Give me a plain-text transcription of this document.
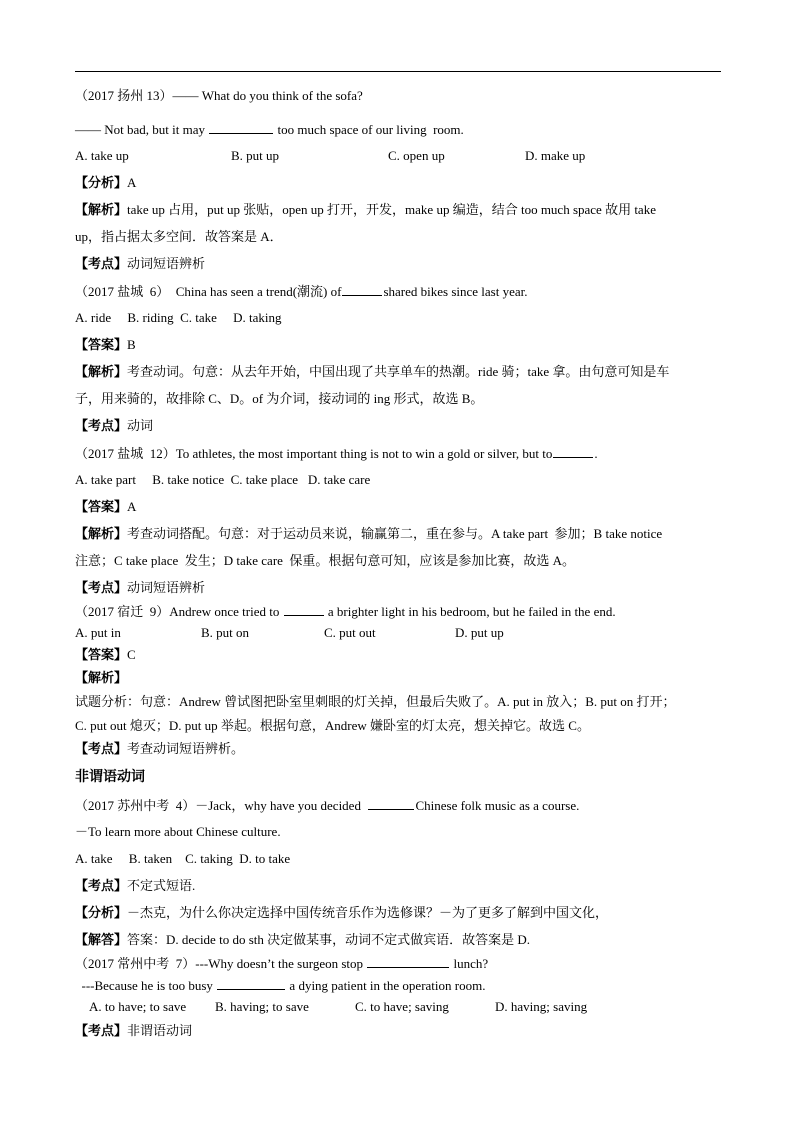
（2017 扬州 13）—— What do you think of the sofa?
—— Not bad, but it may	too much space of our living  room.
A. take up	B. put up	C. open up	D. make up
【分析】A
【解析】take up 占用，put up 张贴，open up 打开，开发，make up 编造，结合 too much space 故用 take
up，指占据太多空间．故答案是 A．
【考点】动词短语辨析
（2017 盐城  6）  China has seen a trend(潮流) of	shared bikes since last year.
A. ride     B. riding  C. take     D. taking
【答案】B
【解析】考查动词。句意：从去年开始，中国出现了共享单车的热潮。ride 骑；take 拿。由句意可知是车
子，用来骑的，故排除 C、D。of 为介词，接动词的 ing 形式，故选 B。
【考点】动词
（2017 盐城  12）To athletes, the most important thing is not to win a gold or silver, but to	.
A. take part     B. take notice  C. take place   D. take care
【答案】A
【解析】考查动词搭配。句意：对于运动员来说，输赢第二，重在参与。A take part  参加；B take notice
注意；C take place  发生；D take care  保重。根据句意可知，应该是参加比赛，故选 A。
【考点】动词短语辨析
（2017 宿迁  9）Andrew once tried to	a brighter light in his bedroom, but he failed in the end.
A. put in	B. put on	C. put out	D. put up
【答案】C
【解析】
试题分析：句意：Andrew 曾试图把卧室里刺眼的灯关掉，但最后失败了。A. put in 放入；B. put on 打开；
C. put out 熄灭；D. put up 举起。根据句意，Andrew 嫌卧室的灯太亮，想关掉它。故选 C。
【考点】考查动词短语辨析。
非谓语动词
（2017 苏州中考  4）－Jack，why have you decided	Chinese folk music as a course.
－To learn more about Chinese culture.
A. take     B. taken    C. taking  D. to take
【考点】不定式短语.
【分析】－杰克，为什么你决定选择中国传统音乐作为选修课？－为了更多了解到中国文化，
【解答】答案：D. decide to do sth 决定做某事，动词不定式做宾语．故答案是 D.
（2017 常州中考  7）---Why doesn’t the surgeon stop	lunch?
---Because he is too busy	a dying patient in the operation room.
A. to have; to save B. having; to save	C. to have; saving	D. having; saving
【考点】非谓语动词
